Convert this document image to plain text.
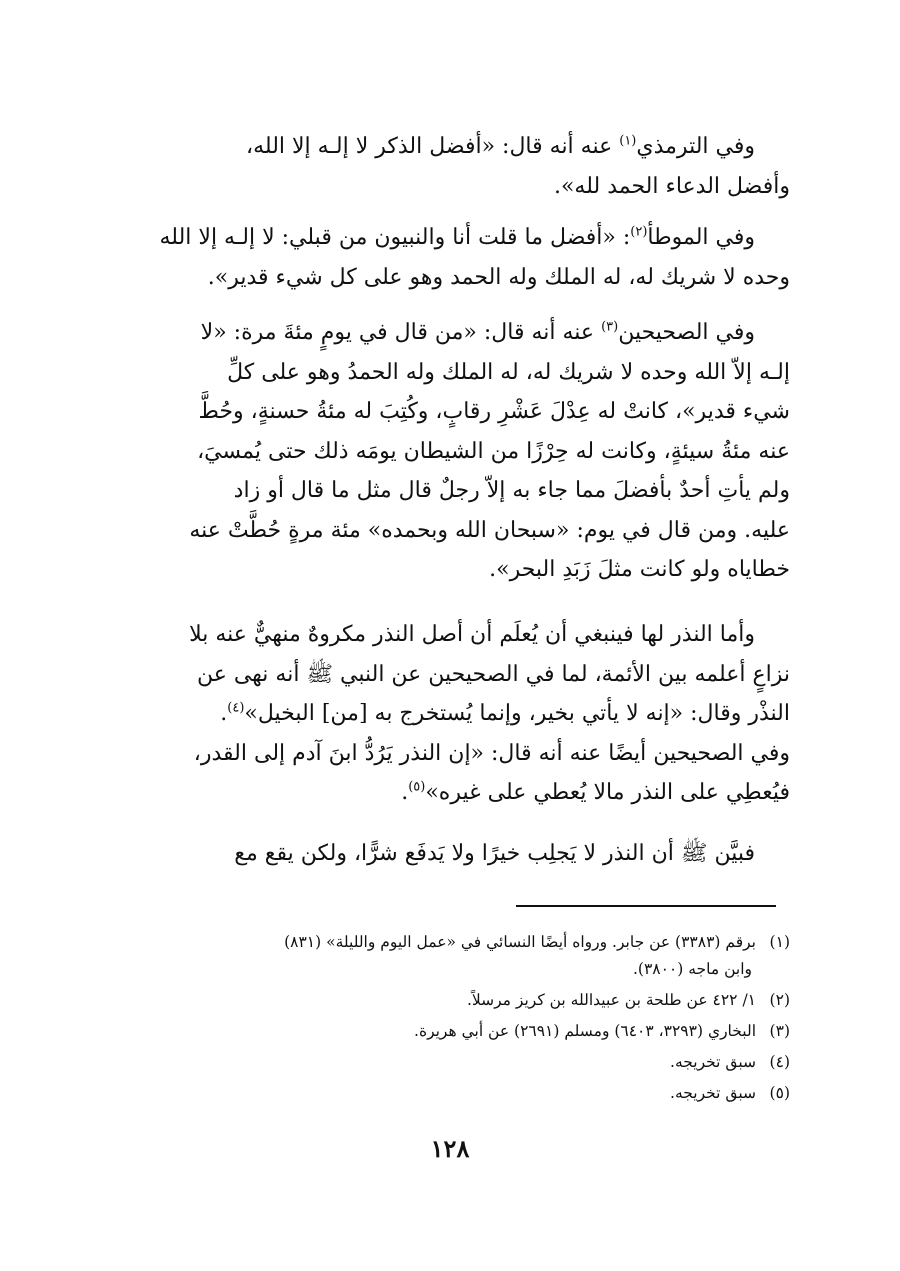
وفي الترمذي$^{(١)}$ عنه أنه قال: «أفضل الذكر لا إلـه إلا الله،
وأفضل الدعاء الحمد لله».
وفي الموطأ$^{(٢)}$: «أفضل ما قلت أنا والنبيون من قبلي: لا إلـه إلا الله
وحده لا شريك له، له الملك وله الحمد وهو على كل شيء قدير».
وفي الصحيحين$^{(٣)}$ عنه أنه قال: «من قال في يومٍ مئةَ مرة: «لا
إلـه إلاّ الله وحده لا شريك له، له الملك وله الحمدُ وهو على كلِّ
شيء قدير»، كانتْ له عِدْلَ عَشْرِ رقابٍ، وكُتِبَ له مئةُ حسنةٍ، وحُطَّ
عنه مئةُ سيئةٍ، وكانت له حِرْزًا من الشيطان يومَه ذلك حتى يُمسيَ،
ولم يأتِ أحدٌ بأفضلَ مما جاء به إلاّ رجلٌ قال مثل ما قال أو زاد
عليه. ومن قال في يوم: «سبحان الله وبحمده» مئة مرةٍ حُطَّتْ عنه
خطاياه ولو كانت مثلَ زَبَدِ البحر».
وأما النذر لها فينبغي أن يُعلَم أن أصل النذر مكروهٌ منهيٌّ عنه بلا
نزاعٍ أعلمه بين الأئمة، لما في الصحيحين عن النبي ﷺ أنه نهى عن
النذْر وقال: «إنه لا يأتي بخير، وإنما يُستخرج به [من] البخيل»$^{(٤)}$.
وفي الصحيحين أيضًا عنه أنه قال: «إن النذر يَرُدُّ ابنَ آدم إلى القدر،
فيُعطِي على النذر مالا يُعطي على غيره»$^{(٥)}$.
فبيَّن ﷺ أن النذر لا يَجلِب خيرًا ولا يَدفَع شرًّا، ولكن يقع مع
(١)برقم (٣٣٨٣) عن جابر. ورواه أيضًا النسائي في «عمل اليوم والليلة» (٨٣١)
وابن ماجه (٣٨٠٠).
(٢)١/ ٤٢٢ عن طلحة بن عبيدالله بن كريز مرسلاً.
(٣)البخاري (٣٢٩٣، ٦٤٠٣) ومسلم (٢٦٩١) عن أبي هريرة.
(٤)سبق تخريجه.
(٥)سبق تخريجه.
١٢٨
